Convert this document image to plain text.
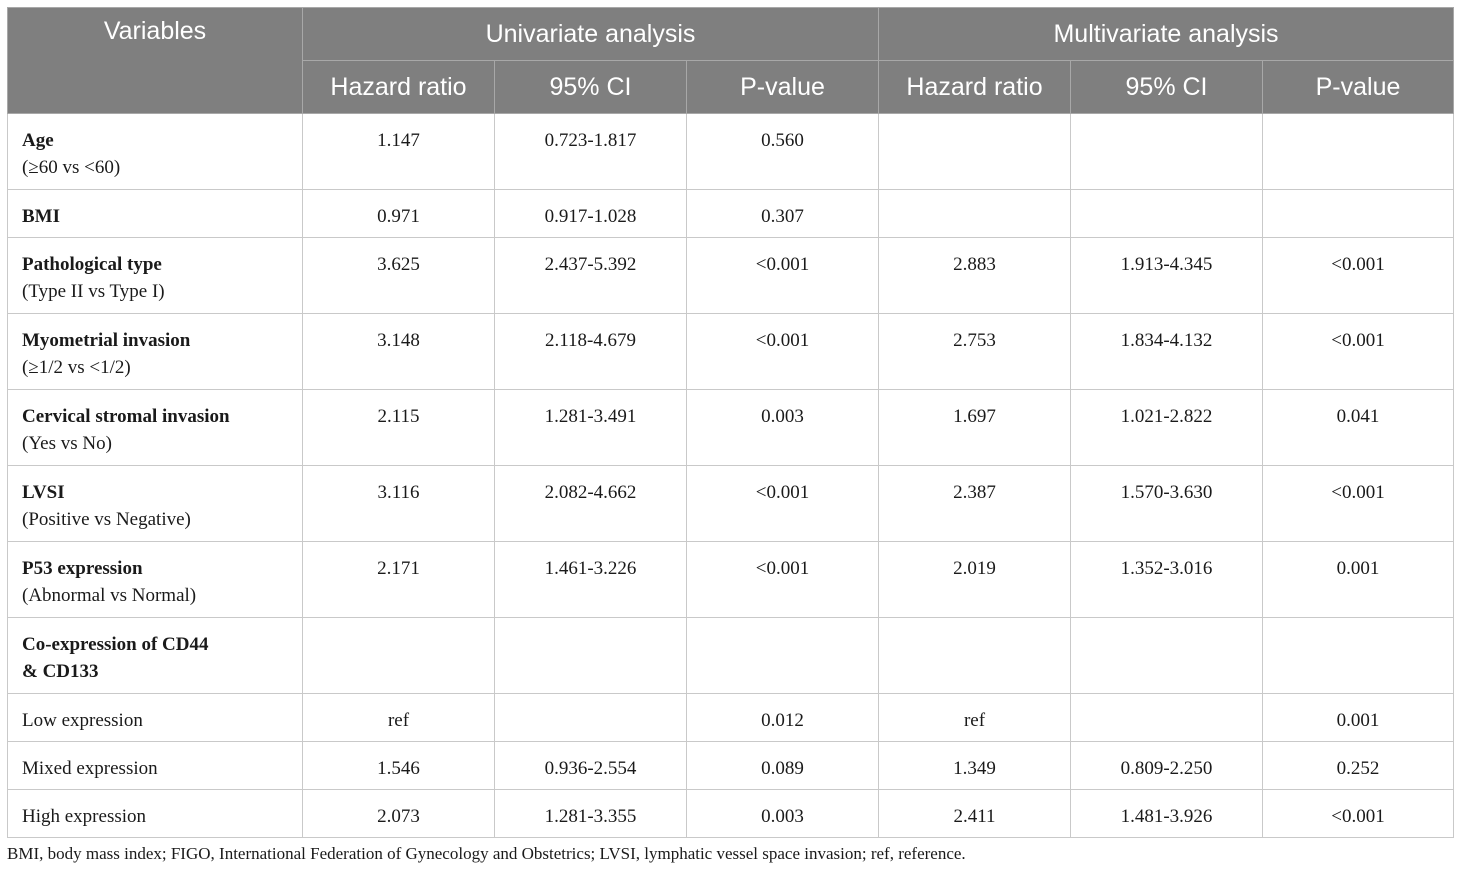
Variables	Univariate analysis			Multivariate analysis		
	Hazard ratio	95% CI	P-value	Hazard ratio	95% CI	P-value
Age
(≥60 vs <60)	1.147	0.723-1.817	0.560			
BMI	0.971	0.917-1.028	0.307			
Pathological type
(Type II vs Type I)	3.625	2.437-5.392	<0.001	2.883	1.913-4.345	<0.001
Myometrial invasion
(≥1/2 vs <1/2)	3.148	2.118-4.679	<0.001	2.753	1.834-4.132	<0.001
Cervical stromal invasion
(Yes vs No)	2.115	1.281-3.491	0.003	1.697	1.021-2.822	0.041
LVSI
(Positive vs Negative)	3.116	2.082-4.662	<0.001	2.387	1.570-3.630	<0.001
P53 expression
(Abnormal vs Normal)	2.171	1.461-3.226	<0.001	2.019	1.352-3.016	0.001
Co-expression of CD44
& CD133						
Low expression	ref		0.012	ref		0.001
Mixed expression	1.546	0.936-2.554	0.089	1.349	0.809-2.250	0.252
High expression	2.073	1.281-3.355	0.003	2.411	1.481-3.926	<0.001
BMI, body mass index; FIGO, International Federation of Gynecology and Obstetrics; LVSI, lymphatic vessel space invasion; ref, reference.
